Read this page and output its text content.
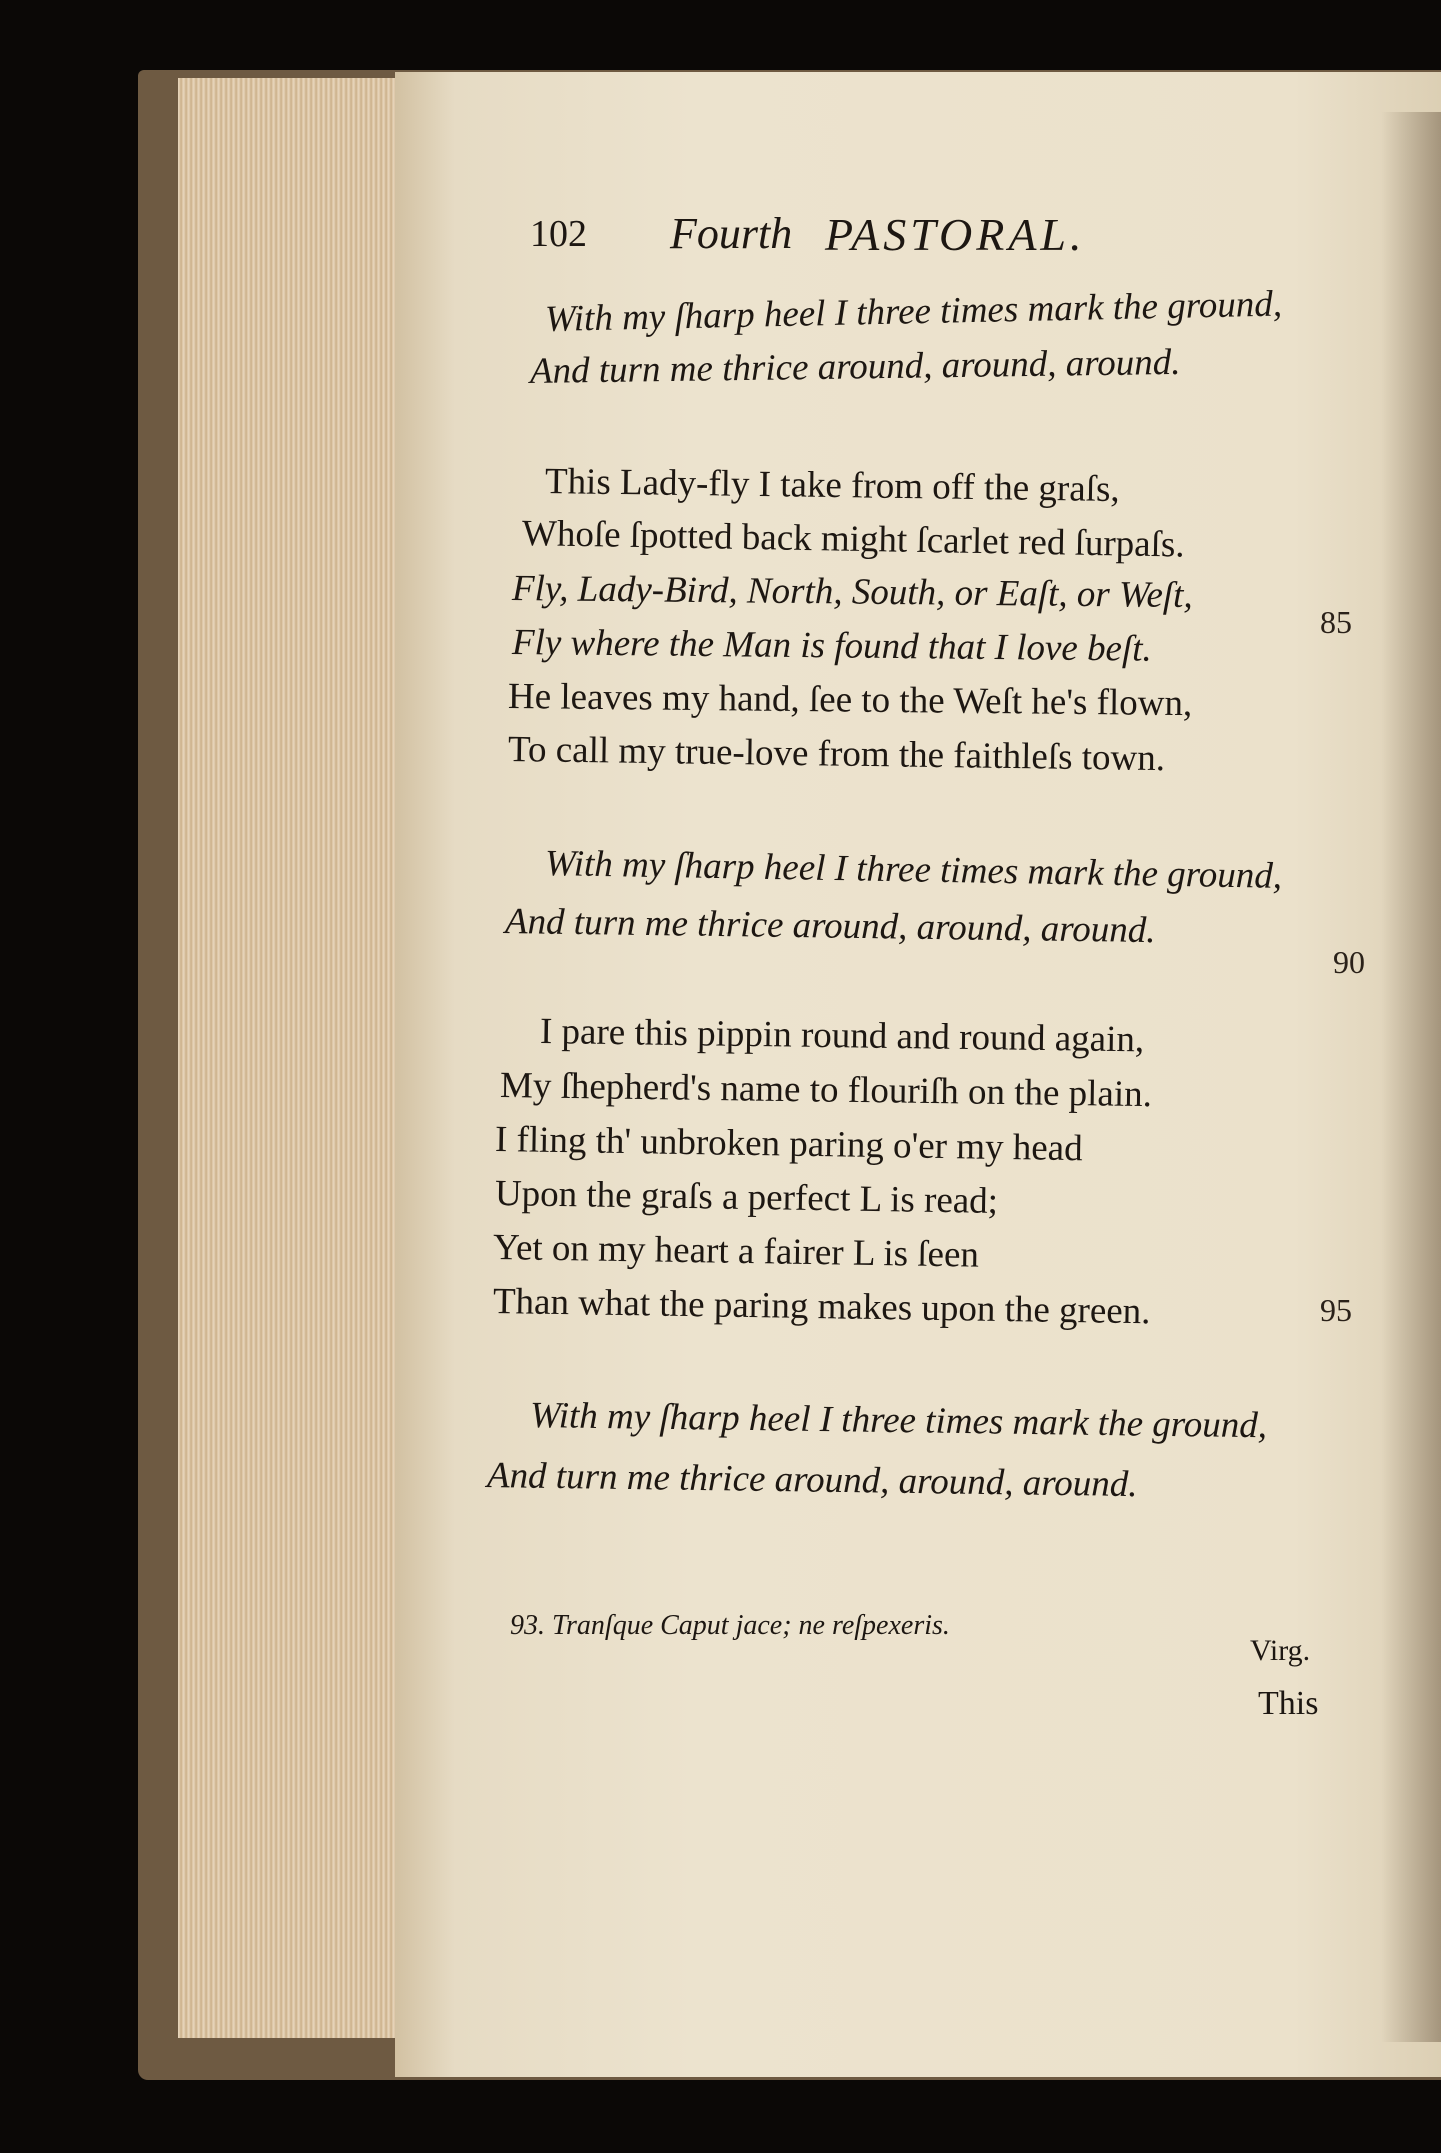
102 Fourth PASTORAL.
With my ſharp heel I three times mark the ground,
And turn me thrice around, around, around.
This Lady-fly I take from off the graſs,
Whoſe ſpotted back might ſcarlet red ſurpaſs.
Fly, Lady-Bird, North, South, or Eaſt, or Weſt,
Fly where the Man is found that I love beſt.
He leaves my hand, ſee to the Weſt he's flown,
To call my true-love from the faithleſs town.
With my ſharp heel I three times mark the ground,
And turn me thrice around, around, around.
I pare this pippin round and round again,
My ſhepherd's name to flouriſh on the plain.
I fling th' unbroken paring o'er my head
Upon the graſs a perfect L is read;
Yet on my heart a fairer L is ſeen
Than what the paring makes upon the green.
With my ſharp heel I three times mark the ground,
And turn me thrice around, around, around.
85
90
95
93. Tranſque Caput jace; ne reſpexeris.
Virg.
This
